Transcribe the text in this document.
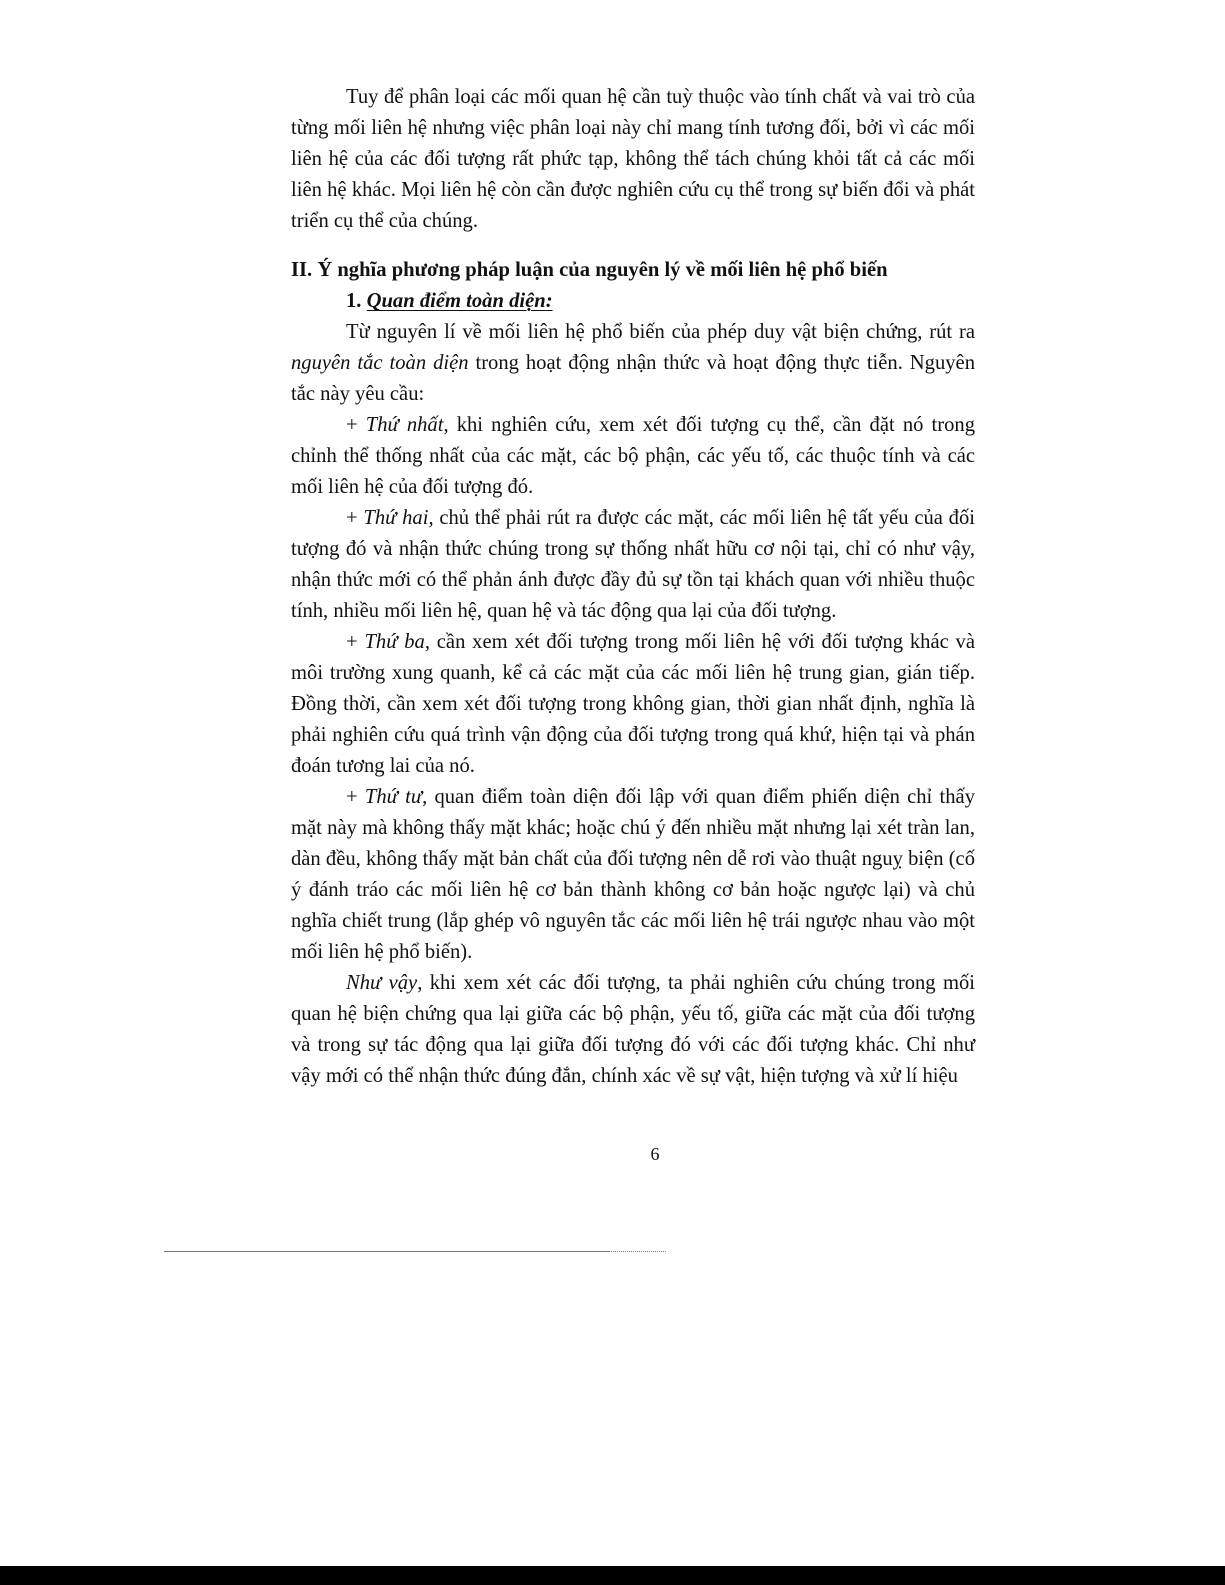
Tuy để phân loại các mối quan hệ cần tuỳ thuộc vào tính chất và vai trò của từng mối liên hệ nhưng việc phân loại này chỉ mang tính tương đối, bởi vì các mối liên hệ của các đối tượng rất phức tạp, không thể tách chúng khỏi tất cả các mối liên hệ khác. Mọi liên hệ còn cần được nghiên cứu cụ thể trong sự biến đổi và phát triển cụ thể của chúng.

II. Ý nghĩa phương pháp luận của nguyên lý về mối liên hệ phổ biến

1. Quan điểm toàn diện:

Từ nguyên lí về mối liên hệ phổ biến của phép duy vật biện chứng, rút ra nguyên tắc toàn diện trong hoạt động nhận thức và hoạt động thực tiễn. Nguyên tắc này yêu cầu:

+ Thứ nhất, khi nghiên cứu, xem xét đối tượng cụ thể, cần đặt nó trong chỉnh thể thống nhất của các mặt, các bộ phận, các yếu tố, các thuộc tính và các mối liên hệ của đối tượng đó.

+ Thứ hai, chủ thể phải rút ra được các mặt, các mối liên hệ tất yếu của đối tượng đó và nhận thức chúng trong sự thống nhất hữu cơ nội tại, chỉ có như vậy, nhận thức mới có thể phản ánh được đầy đủ sự tồn tại khách quan với nhiều thuộc tính, nhiều mối liên hệ, quan hệ và tác động qua lại của đối tượng.

+ Thứ ba, cần xem xét đối tượng trong mối liên hệ với đối tượng khác và môi trường xung quanh, kể cả các mặt của các mối liên hệ trung gian, gián tiếp. Đồng thời, cần xem xét đối tượng trong không gian, thời gian nhất định, nghĩa là phải nghiên cứu quá trình vận động của đối tượng trong quá khứ, hiện tại và phán đoán tương lai của nó.

+ Thứ tư, quan điểm toàn diện đối lập với quan điểm phiến diện chỉ thấy mặt này mà không thấy mặt khác; hoặc chú ý đến nhiều mặt nhưng lại xét tràn lan, dàn đều, không thấy mặt bản chất của đối tượng nên dễ rơi vào thuật nguỵ biện (cố ý đánh tráo các mối liên hệ cơ bản thành không cơ bản hoặc ngược lại) và chủ nghĩa chiết trung (lắp ghép vô nguyên tắc các mối liên hệ trái ngược nhau vào một mối liên hệ phổ biến).

Như vậy, khi xem xét các đối tượng, ta phải nghiên cứu chúng trong mối quan hệ biện chứng qua lại giữa các bộ phận, yếu tố, giữa các mặt của đối tượng và trong sự tác động qua lại giữa đối tượng đó với các đối tượng khác. Chỉ như vậy mới có thể nhận thức đúng đắn, chính xác về sự vật, hiện tượng và xử lí hiệu

6
